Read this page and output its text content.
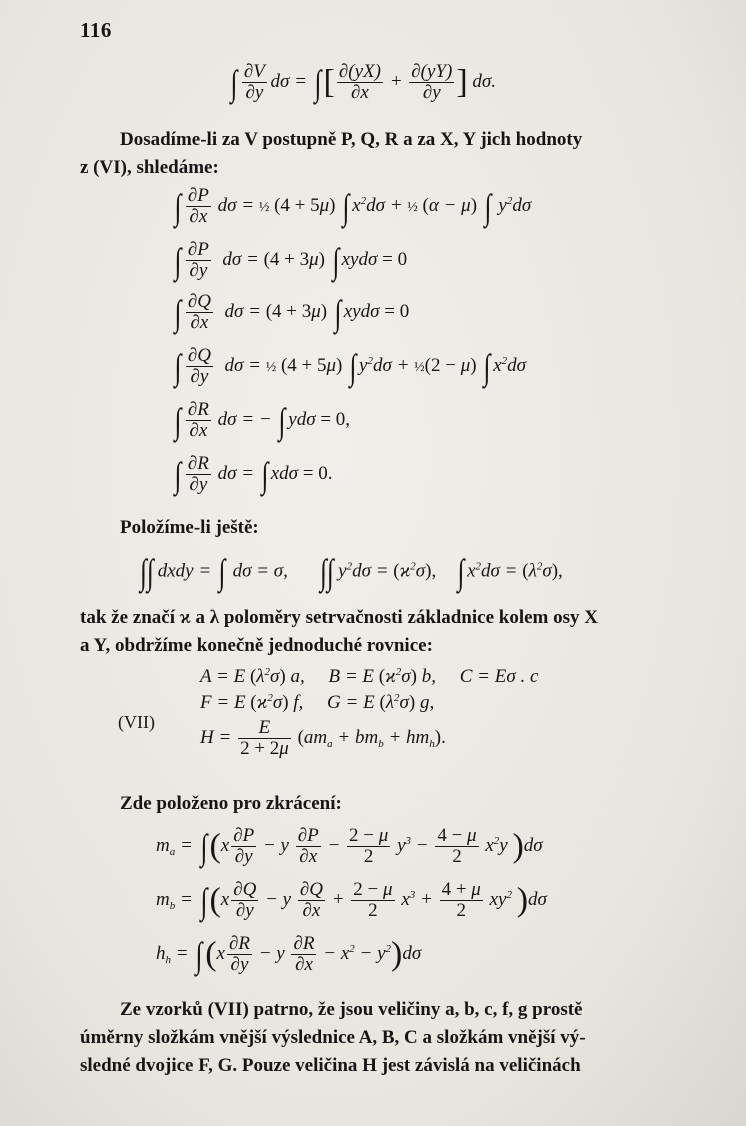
116
∫ $\frac{\partial V}{\partial y}$
  dσ = ∫[ $\frac{\partial(yX)}{\partial x} + \frac{\partial(yY)}{\partial y}$ ] dσ.
Dosadíme-li za V postupně P, Q, R a za X, Y jich hodnoty
z (VI), shledáme:
∫ $\frac{\partial P}{\partial x}$ dσ = ½ (4 + 5μ) ∫ $x^2d\sigma$ + ½ (α − μ) ∫ $y^2d\sigma$
∫ $\frac{\partial P}{\partial y}$ dσ = (4 + 3μ) ∫ xydσ = 0
∫ $\frac{\partial Q}{\partial x}$ dσ = (4 + 3μ) ∫ xydσ = 0
∫ $\frac{\partial Q}{\partial y}$ dσ = ½ (4 + 5μ) ∫ $y^2d\sigma$ + ½(2 − μ) ∫ $x^2d\sigma$
∫ $\frac{\partial R}{\partial x}$ dσ = − ∫ ydσ = 0,
∫ $\frac{\partial R}{\partial y}$ dσ = ∫ xdσ = 0.
Položíme-li ještě:
∫∫ dxdy = ∫ dσ = σ,      ∫∫ $y^2d\sigma = (ϰ^2\sigma)$, ∫ $x^2d\sigma = (\lambda^2\sigma)$,
tak že značí ϰ a λ poloměry setrvačnosti základnice kolem osy X
a Y, obdržíme konečně jednoduché rovnice:
A = E $(\lambda^2\sigma)$ a,     B = E $(ϰ^2\sigma)$ b,     C = Eσ . c
F = E $(ϰ^2\sigma)$ f,     G = E $(\lambda^2\sigma)$ g,
(VII)
$H = \frac{E}{2 + 2\mu} (am_a + bm_b + hm_h)$.
Zde položeno pro zkrácení:
$m_a = \int(x \frac{\partial P}{\partial y} - y \frac{\partial P}{\partial x} - \frac{2 - \mu}{2} y^3 - \frac{4 - \mu}{2} x^2y$ )dσ
$m_b = \int(x \frac{\partial Q}{\partial y} - y \frac{\partial Q}{\partial x} + \frac{2 - \mu}{2} x^3 + \frac{4 + \mu}{2} xy^2$ )dσ
$h_h = \int(x \frac{\partial R}{\partial y} - y \frac{\partial R}{\partial x} - x^2 - y^2)d\sigma$
Ze vzorků (VII) patrno, že jsou veličiny a, b, c, f, g prostě
úměrny složkám vnější výslednice A, B, C a složkám vnější vý-
sledné dvojice F, G. Pouze veličina H jest závislá na veličinách
